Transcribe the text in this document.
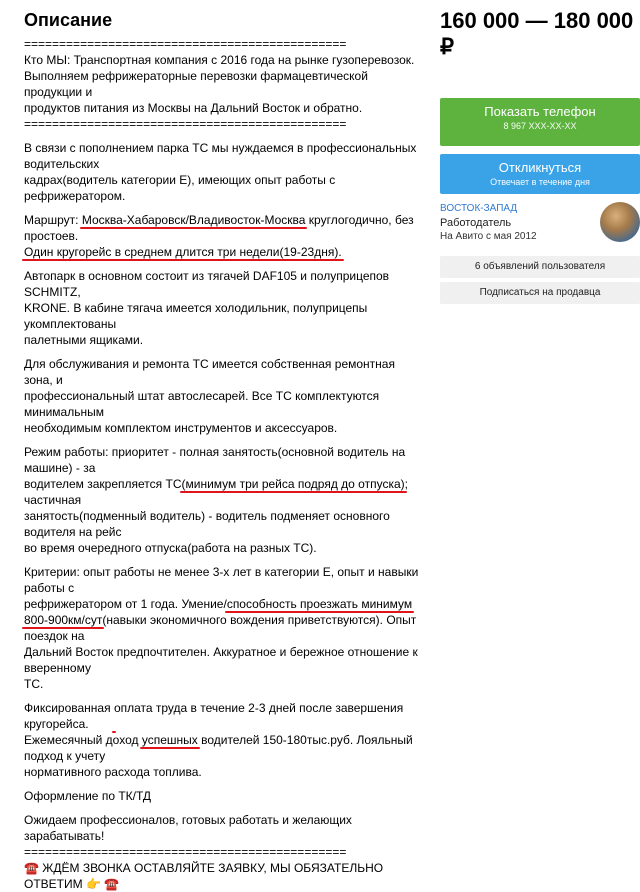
Описание

==============================================

Кто МЫ: Транспортная компания с 2016 года на рынке гузоперевозок.

Выполняем рефрижераторные перевозки фармацевтической продукции и

продуктов питания из Москвы на Дальний Восток и обратно.

==============================================

В связи с пополнением парка ТС мы нуждаемся в профессиональных водительских

кадрах(водитель категории Е), имеющих опыт работы с рефрижератором.

Маршрут: Москва-Хабаровск/Владивосток-Москва круглогодично, без простоев.

Один кругорейс в среднем длится три недели(19-23дня).

Автопарк в основном состоит из тягачей DAF105 и полуприцепов SCHMITZ,

KRONE. В кабине тягача имеется холодильник, полуприцепы укомплектованы

палетными ящиками.

Для обслуживания и ремонта ТС имеется собственная ремонтная зона, и

профессиональный штат автослесарей. Все ТС комплектуются минимальным

необходимым комплектом инструментов и аксессуаров.

Режим работы: приоритет - полная занятость(основной водитель на машине) - за

водителем закрепляется ТС(минимум три рейса подряд до отпуска); частичная

занятость(подменный водитель) - водитель подменяет основного водителя на рейс

во время очередного отпуска(работа на разных ТС).

Критерии: опыт работы не менее 3-х лет в категории Е, опыт и навыки работы с

рефрижератором от 1 года. Умение/способность проезжать минимум

800-900км/сут(навыки экономичного вождения приветствуются). Опыт поездок на

Дальний Восток предпочтителен. Аккуратное и бережное отношение к вверенному

ТС.

Фиксированная оплата труда в течение 2-3 дней после завершения кругорейса.

Ежемесячный доход успешных водителей 150-180тыс.руб. Лояльный подход к учету

нормативного расхода топлива.

Оформление по ТК/ТД

Ожидаем профессионалов, готовых работать и желающих зарабатывать!

==============================================

☎️ ЖДЁМ ЗВОНКА ОСТАВЛЯЙТЕ ЗАЯВКУ, МЫ ОБЯЗАТЕЛЬНО ОТВЕТИМ 👉 ☎️

160 000 — 180 000
₽
Показать телефон
8 967 XXX-XX-XX
Откликнуться
Отвечает в течение дня
ВОСТОК-ЗАПАД
Работодатель
На Авито с мая 2012
6 объявлений пользователя
Подписаться на продавца
